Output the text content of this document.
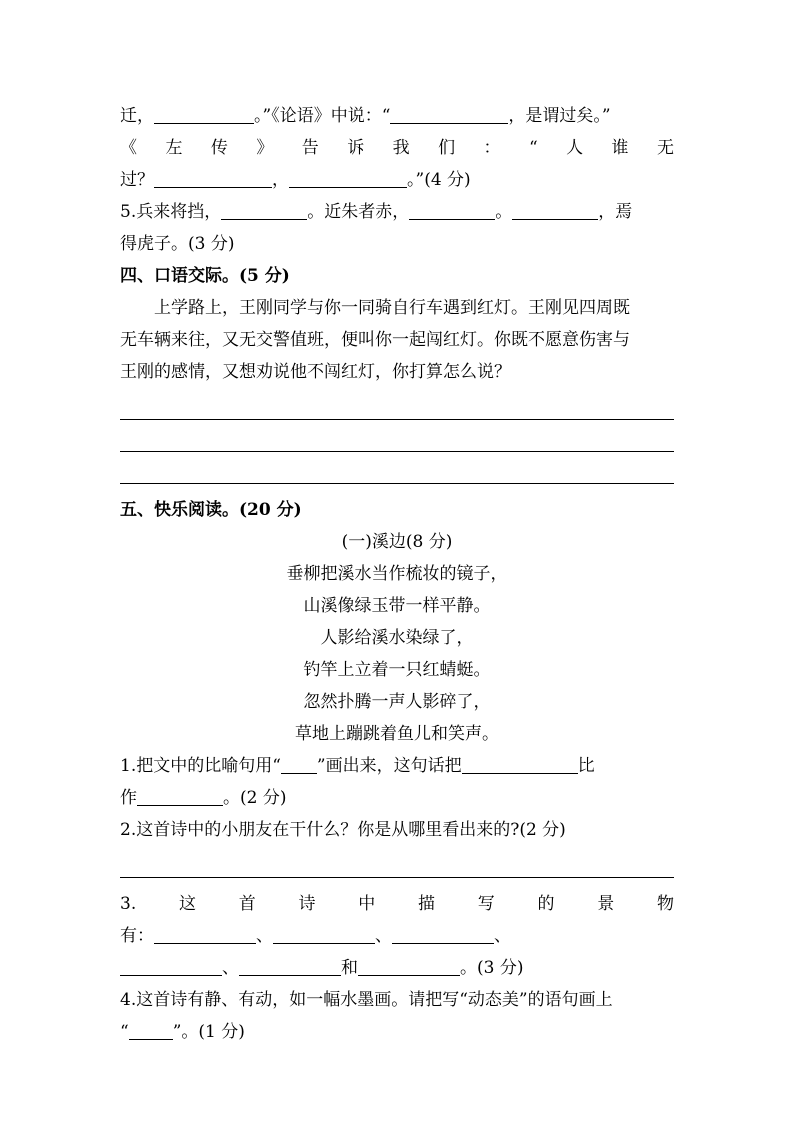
迁，	。”《论语》中说：“	，是谓过矣。”
《 左 传 》 告 诉 我 们 ： “ 人 谁 无
过？	，	。”(4 分)
5.兵来将挡，	。近朱者赤，	。	，焉
得虎子。(3 分)
四、口语交际。(5 分)
上学路上，王刚同学与你一同骑自行车遇到红灯。王刚见四周既
无车辆来往，又无交警值班，便叫你一起闯红灯。你既不愿意伤害与
王刚的感情，又想劝说他不闯红灯，你打算怎么说？
五、快乐阅读。(20 分)
(一)溪边(8 分)
垂柳把溪水当作梳妆的镜子，
山溪像绿玉带一样平静。
人影给溪水染绿了，
钓竿上立着一只红蜻蜓。
忽然扑腾一声人影碎了，
草地上蹦跳着鱼儿和笑声。
1.把文中的比喻句用“ ”画出来，这句话把	比
作	。(2 分)
2.这首诗中的小朋友在干什么？你是从哪里看出来的?(2 分)
3.	这	首	诗	中	描	写	的	景	物
有：	、	、	、
、	和	。(3 分)
4.这首诗有静、有动，如一幅水墨画。请把写“动态美”的语句画上
“	”。(1 分)
